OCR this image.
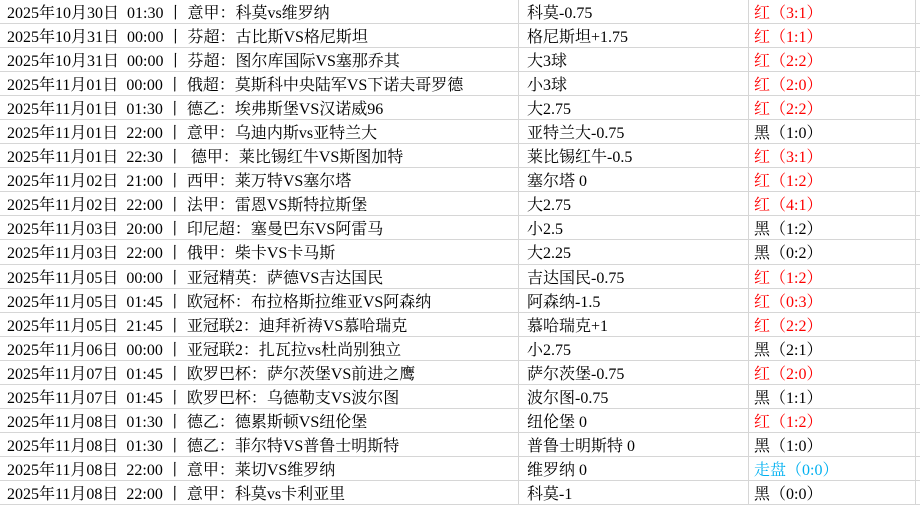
2025年10月30日  01:30 丨 意甲：科莫vs维罗纳	科莫-0.75	红（3:1）
2025年10月31日  00:00 丨 芬超：古比斯VS格尼斯坦	格尼斯坦+1.75	红（1:1）
2025年10月31日  00:00 丨 芬超：图尔库国际VS塞那乔其	大3球	红（2:2）
2025年11月01日  00:00 丨 俄超：莫斯科中央陆军VS下诺夫哥罗德	小3球	红（2:0）
2025年11月01日  01:30 丨 德乙：埃弗斯堡VS汉诺威96	大2.75	红（2:2）
2025年11月01日  22:00 丨 意甲：乌迪内斯vs亚特兰大	亚特兰大-0.75	黑（1:0）
2025年11月01日  22:30 丨  德甲：莱比锡红牛VS斯图加特	莱比锡红牛-0.5	红（3:1）
2025年11月02日  21:00 丨 西甲：莱万特VS塞尔塔	塞尔塔 0	红（1:2）
2025年11月02日  22:00 丨 法甲：雷恩VS斯特拉斯堡	大2.75	红（4:1）
2025年11月03日  20:00 丨 印尼超：塞曼巴东VS阿雷马	小2.5	黑（1:2）
2025年11月03日  22:00 丨 俄甲：柴卡VS卡马斯	大2.25	黑（0:2）
2025年11月05日  00:00 丨 亚冠精英：萨德VS吉达国民	吉达国民-0.75	红（1:2）
2025年11月05日  01:45 丨 欧冠杯：布拉格斯拉维亚VS阿森纳	阿森纳-1.5	红（0:3）
2025年11月05日  21:45 丨 亚冠联2：迪拜祈祷VS慕哈瑞克	慕哈瑞克+1	红（2:2）
2025年11月06日  00:00 丨 亚冠联2：扎瓦拉vs杜尚别独立	小2.75	黑（2:1）
2025年11月07日  01:45 丨 欧罗巴杯：萨尔茨堡VS前进之鹰	萨尔茨堡-0.75	红（2:0）
2025年11月07日  01:45 丨 欧罗巴杯：乌德勒支VS波尔图	波尔图-0.75	黑（1:1）
2025年11月08日  01:30 丨 德乙：德累斯顿VS纽伦堡	纽伦堡 0	红（1:2）
2025年11月08日  01:30 丨 德乙：菲尔特VS普鲁士明斯特	普鲁士明斯特 0	黑（1:0）
2025年11月08日  22:00 丨 意甲：莱切VS维罗纳	维罗纳 0	走盘（0:0）
2025年11月08日  22:00 丨 意甲：科莫vs卡利亚里	科莫-1	黑（0:0）
